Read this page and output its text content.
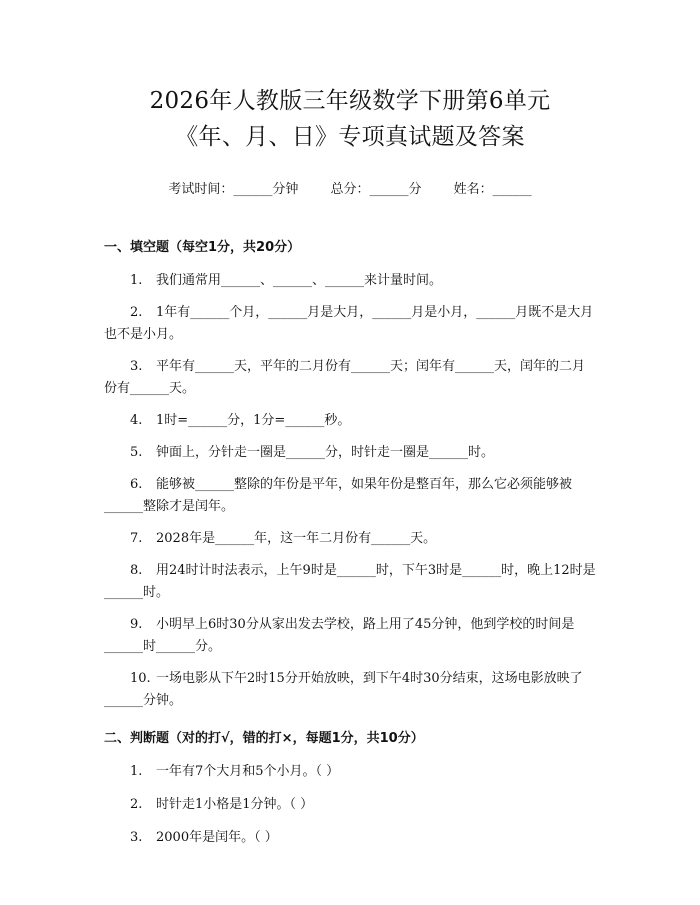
2026年人教版三年级数学下册第6单元
《年、月、日》专项真试题及答案
考试时间：______分钟 总分：______分 姓名：______
一、填空题（每空1分，共20分）

1. 我们通常用______、______、______来计量时间。

2. 1年有______个月，______月是大月，______月是小月，______月既不是大月也不是小月。

3. 平年有______天，平年的二月份有______天；闰年有______天，闰年的二月份有______天。

4. 1时=______分，1分=______秒。

5. 钟面上，分针走一圈是______分，时针走一圈是______时。

6. 能够被______整除的年份是平年，如果年份是整百年，那么它必须能够被______整除才是闰年。

7. 2028年是______年，这一年二月份有______天。

8. 用24时计时法表示，上午9时是______时，下午3时是______时，晚上12时是______时。

9. 小明早上6时30分从家出发去学校，路上用了45分钟，他到学校的时间是______时______分。

10. 一场电影从下午2时15分开始放映，到下午4时30分结束，这场电影放映了______分钟。

二、判断题（对的打√，错的打×，每题1分，共10分）

1. 一年有7个大月和5个小月。（ ）

2. 时针走1小格是1分钟。（ ）

3. 2000年是闰年。（ ）
